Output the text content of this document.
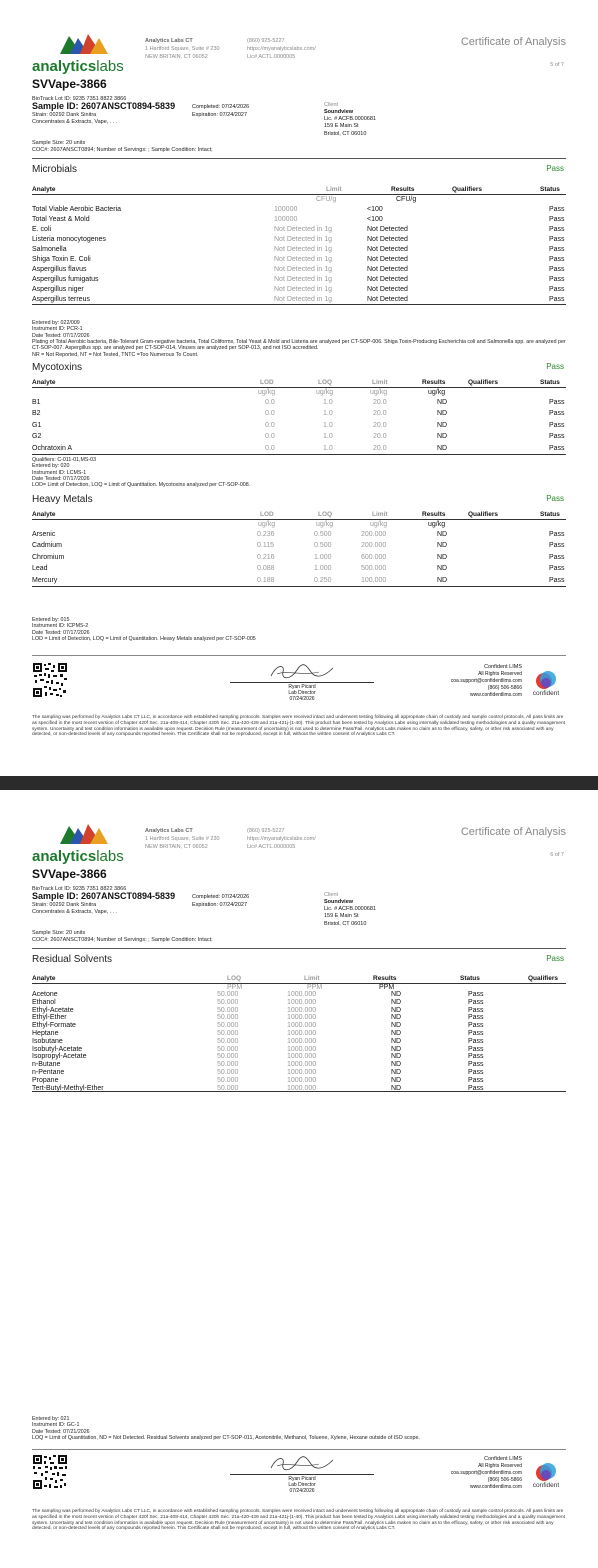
analyticslabs
Analytics Labs CT
1 Hartford Square, Suite # 230
NEW BRITAIN, CT 06052
(860) 925-5227
https://myanalyticslabs.com/
Lic# ACTL.0000005
Certificate of Analysis
5 of 7
SVVape-3866
BioTrack Lot ID: 9235 7351 8822 3866
Sample ID: 2607ANSCT0894-5839
Strain: 00292 Dank Sinitra
Concentrates & Extracts, Vape, . . .
Completed: 07/24/2026
Expiration: 07/24/2027
Client
Soundview
Lic. # ACFB.0000681
159 E Main St
Bristol, CT 06010
Sample Size: 20 units
COC#: 2607ANSCT0894; Number of Servings: ; Sample Condition: Intact;
Microbials	Pass
Analyte	Limit	Results	Qualifiers	Status
CFU/g	CFU/g
Total Viable Aerobic Bacteria	100000	<100	Pass
Total Yeast & Mold	100000	<100	Pass
E. coli	Not Detected in 1g	Not Detected	Pass
Listeria monocytogenes	Not Detected in 1g	Not Detected	Pass
Salmonella	Not Detected in 1g	Not Detected	Pass
Shiga Toxin E. Coli	Not Detected in 1g	Not Detected	Pass
Aspergillus flavus	Not Detected in 1g	Not Detected	Pass
Aspergillus fumigatus	Not Detected in 1g	Not Detected	Pass
Aspergillus niger	Not Detected in 1g	Not Detected	Pass
Aspergillus terreus	Not Detected in 1g	Not Detected	Pass
Entered by: 022/009
Instrument ID: PCR-1
Date Tested: 07/17/2026
Plating of Total Aerobic bacteria, Bile-Tolerant Gram-negative bacteria, Total Coliforms, Total Yeast & Mold and Listeria are analyzed per CT-SOP-006. Shiga Toxin-Producing Escherichia coli and Salmonella spp. are analyzed per CT-SOP-007. Aspergillus spp. are analyzed per CT-SOP-014. Viruses are analyzed per SOP-013, and not ISO accredited.
NR = Not Reported, NT = Not Tested, TNTC =Too Numerous To Count.
Mycotoxins	Pass
Analyte	LOD	LOQ	Limit	Results	Qualifiers	Status
ug/kg	ug/kg	ug/kg	ug/kg
B1	0.0	1.0	20.0	ND	Pass
B2	0.0	1.0	20.0	ND	Pass
G1	0.0	1.0	20.0	ND	Pass
G2	0.0	1.0	20.0	ND	Pass
Ochratoxin A	0.0	1.0	20.0	ND	Pass
Qualifiers: C-011-01,MS-03
Entered by: 020
Instrument ID: LCMS-1
Date Tested: 07/17/2026
LOD= Limit of Detection, LOQ = Limit of Quantitation. Mycotoxins analyzed per CT-SOP-008.
Heavy Metals	Pass
Analyte	LOD	LOQ	Limit	Results	Qualifiers	Status
ug/kg	ug/kg	ug/kg	ug/kg
Arsenic	0.236	0.500	200.000	ND	Pass
Cadmium	0.115	0.500	200.000	ND	Pass
Chromium	0.216	1.000	600.000	ND	Pass
Lead	0.088	1.000	500.000	ND	Pass
Mercury	0.188	0.250	100.000	ND	Pass
Entered by: 015
Instrument ID: ICPMS-2
Date Tested: 07/17/2026
LOD = Limit of Detection, LOQ = Limit of Quantitation. Heavy Metals analyzed per CT-SOP-005
Ryan Picard
Lab Director
07/24/2026
Confident LIMS
All Rights Reserved
coa.support@confidentlims.com
(866) 506-5866
www.confidentlims.com	confident
The sampling was performed by Analytics Labs CT LLC, in accordance with established sampling protocols. Samples were received intact and underwent testing following all appropriate chain of custody and sample control protocols. All pass limits are as specified in the most recent version of Chapter 420f Sec. 21a-408-414, Chapter 420h Sec. 21a-420-429 and 21a-421j-(1-40). This product has been tested by Analytics Labs using internally validated testing methodologies and a quality management system. Uncertainty and test condition information is available upon request. Decision Rule (measurement of uncertainty) is not used to determine Pass/Fail. Analytics Labs makes no claim as to the efficacy, safety, or other risk associated with any detected, or non-detected levels of any compounds reported herein. This Certificate shall not be reproduced, except in full, without the written consent of Analytics Labs CT.
analyticslabs
Analytics Labs CT
1 Hartford Square, Suite # 230
NEW BRITAIN, CT 06052
(860) 925-5227
https://myanalyticslabs.com/
Lic# ACTL.0000005
Certificate of Analysis
6 of 7
SVVape-3866
BioTrack Lot ID: 9235 7351 8822 3866
Sample ID: 2607ANSCT0894-5839
Strain: 00292 Dank Sinitra
Concentrates & Extracts, Vape, . . .
Completed: 07/24/2026
Expiration: 07/24/2027
Client
Soundview
Lic. # ACFB.0000681
159 E Main St
Bristol, CT 06010
Sample Size: 20 units
COC#: 2607ANSCT0894; Number of Servings: ; Sample Condition: Intact;
Residual Solvents	Pass
Analyte	LOQ	Limit	Results	Status	Qualifiers
PPM	PPM	PPM
Acetone	50.000	1000.000	ND	Pass
Ethanol	50.000	1000.000	ND	Pass
Ethyl-Acetate	50.000	1000.000	ND	Pass
Ethyl-Ether	50.000	1000.000	ND	Pass
Ethyl-Formate	50.000	1000.000	ND	Pass
Heptane	50.000	1000.000	ND	Pass
Isobutane	50.000	1000.000	ND	Pass
Isobutyl-Acetate	50.000	1000.000	ND	Pass
Isopropyl-Acetate	50.000	1000.000	ND	Pass
n-Butane	50.000	1000.000	ND	Pass
n-Pentane	50.000	1000.000	ND	Pass
Propane	50.000	1000.000	ND	Pass
Tert-Butyl-Methyl-Ether	50.000	1000.000	ND	Pass
Entered by: 021
Instrument ID: GC-1
Date Tested: 07/21/2026
LOQ = Limit of Quantitation, ND = Not Detected. Residual Solvents analyzed per CT-SOP-011, Acetonitrile, Methanol, Toluene, Xylene, Hexane outside of ISO scope.
Ryan Picard
Lab Director
07/24/2026
Confident LIMS
All Rights Reserved
coa.support@confidentlims.com
(866) 506-5866
www.confidentlims.com	confident
The sampling was performed by Analytics Labs CT LLC, in accordance with established sampling protocols. Samples were received intact and underwent testing following all appropriate chain of custody and sample control protocols. All pass limits are as specified in the most recent version of Chapter 420f Sec. 21a-408-414, Chapter 420h Sec. 21a-420-429 and 21a-421j-(1-40). This product has been tested by Analytics Labs using internally validated testing methodologies and a quality management system. Uncertainty and test condition information is available upon request. Decision Rule (measurement of uncertainty) is not used to determine Pass/Fail. Analytics Labs makes no claim as to the efficacy, safety, or other risk associated with any detected, or non-detected levels of any compounds reported herein. This Certificate shall not be reproduced, except in full, without the written consent of Analytics Labs CT.
